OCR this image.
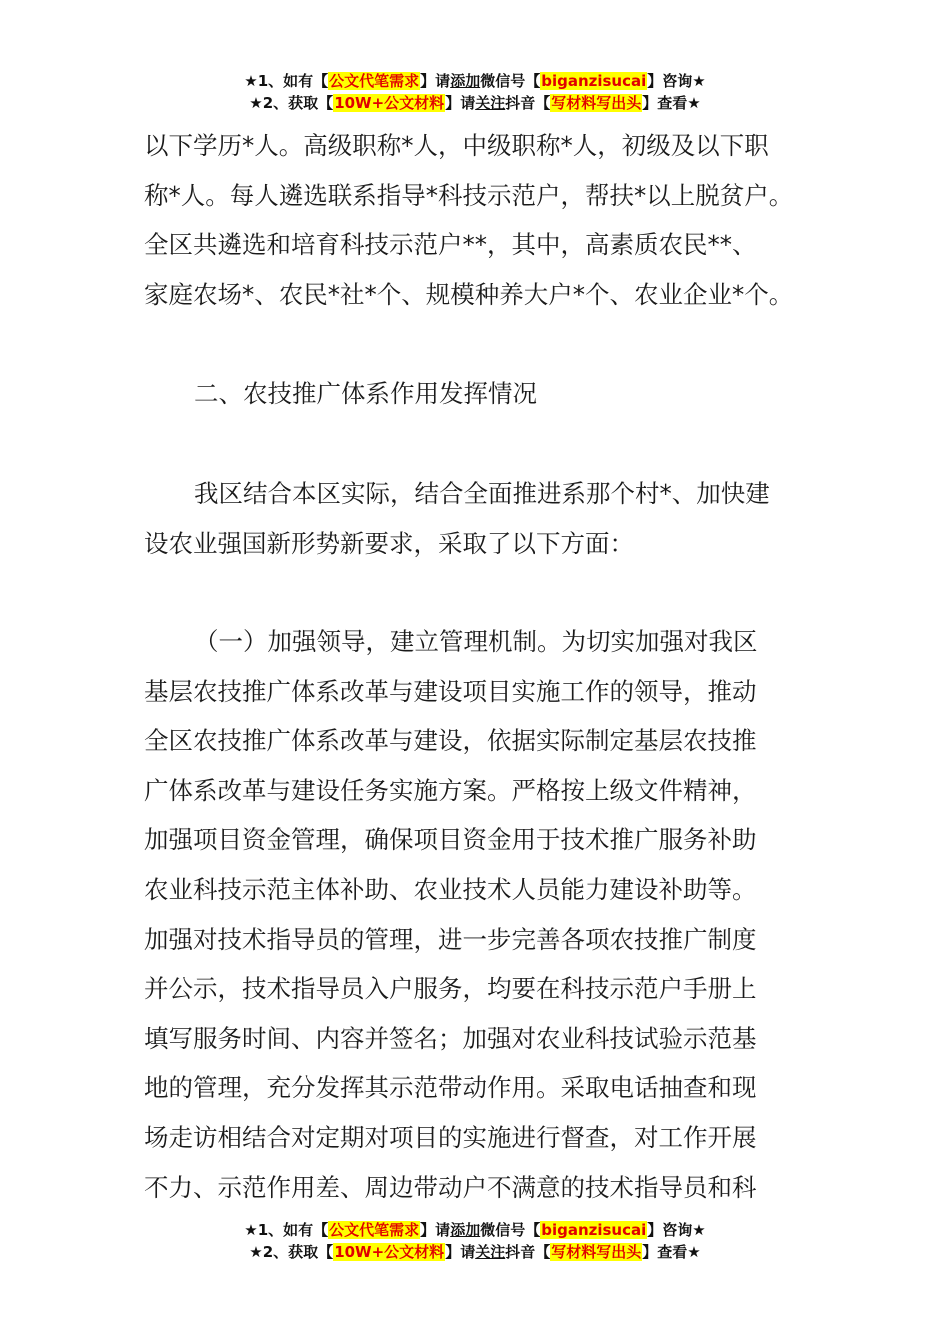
★1、如有【公文代笔需求】请添加微信号【biganzisucai】咨询★
★2、获取【10W+公文材料】请关注抖音【写材料写出头】查看★
以下学历*人。高级职称*人，中级职称*人，初级及以下职
称*人。每人遴选联系指导*科技示范户，帮扶*以上脱贫户。
全区共遴选和培育科技示范户**，其中，高素质农民**、
家庭农场*、农民*社*个、规模种养大户*个、农业企业*个。
二、农技推广体系作用发挥情况
我区结合本区实际，结合全面推进系那个村*、加快建
设农业强国新形势新要求，采取了以下方面：
（一）加强领导，建立管理机制。为切实加强对我区
基层农技推广体系改革与建设项目实施工作的领导，推动
全区农技推广体系改革与建设，依据实际制定基层农技推
广体系改革与建设任务实施方案。严格按上级文件精神，
加强项目资金管理，确保项目资金用于技术推广服务补助
农业科技示范主体补助、农业技术人员能力建设补助等。
加强对技术指导员的管理，进一步完善各项农技推广制度
并公示，技术指导员入户服务，均要在科技示范户手册上
填写服务时间、内容并签名；加强对农业科技试验示范基
地的管理，充分发挥其示范带动作用。采取电话抽查和现
场走访相结合对定期对项目的实施进行督查，对工作开展
不力、示范作用差、周边带动户不满意的技术指导员和科
★1、如有【公文代笔需求】请添加微信号【biganzisucai】咨询★
★2、获取【10W+公文材料】请关注抖音【写材料写出头】查看★
